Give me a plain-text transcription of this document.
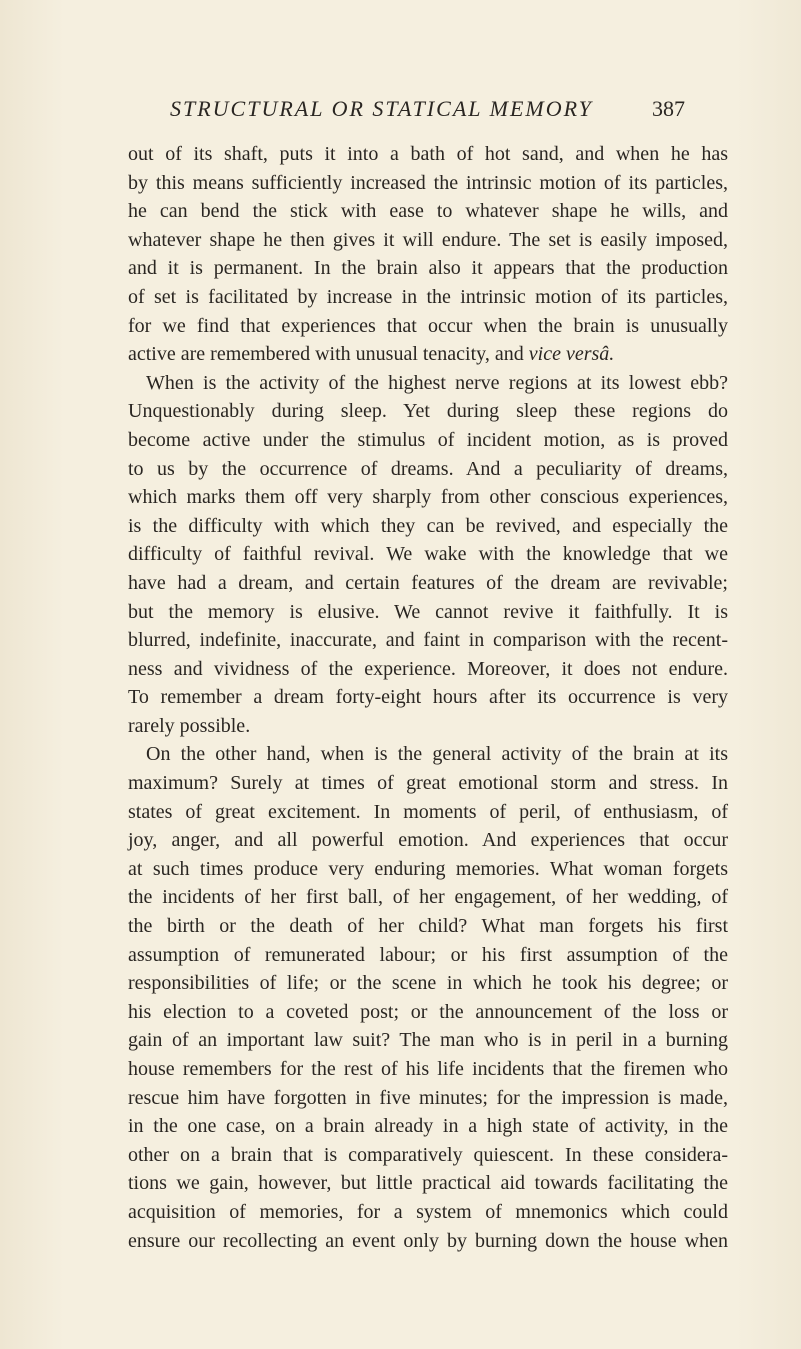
STRUCTURAL OR STATICAL MEMORY	387
out of its shaft, puts it into a bath of hot sand, and when he has
by this means sufficiently increased the intrinsic motion of its particles,
he can bend the stick with ease to whatever shape he wills, and
whatever shape he then gives it will endure. The set is easily imposed,
and it is permanent. In the brain also it appears that the production
of set is facilitated by increase in the intrinsic motion of its particles,
for we find that experiences that occur when the brain is unusually
active are remembered with unusual tenacity, and vice versâ.
When is the activity of the highest nerve regions at its lowest ebb?
Unquestionably during sleep. Yet during sleep these regions do
become active under the stimulus of incident motion, as is proved
to us by the occurrence of dreams. And a peculiarity of dreams,
which marks them off very sharply from other conscious experiences,
is the difficulty with which they can be revived, and especially the
difficulty of faithful revival. We wake with the knowledge that we
have had a dream, and certain features of the dream are revivable;
but the memory is elusive. We cannot revive it faithfully. It is
blurred, indefinite, inaccurate, and faint in comparison with the recent-
ness and vividness of the experience. Moreover, it does not endure.
To remember a dream forty-eight hours after its occurrence is very
rarely possible.
On the other hand, when is the general activity of the brain at its
maximum? Surely at times of great emotional storm and stress. In
states of great excitement. In moments of peril, of enthusiasm, of
joy, anger, and all powerful emotion. And experiences that occur
at such times produce very enduring memories. What woman forgets
the incidents of her first ball, of her engagement, of her wedding, of
the birth or the death of her child? What man forgets his first
assumption of remunerated labour; or his first assumption of the
responsibilities of life; or the scene in which he took his degree; or
his election to a coveted post; or the announcement of the loss or
gain of an important law suit? The man who is in peril in a burning
house remembers for the rest of his life incidents that the firemen who
rescue him have forgotten in five minutes; for the impression is made,
in the one case, on a brain already in a high state of activity, in the
other on a brain that is comparatively quiescent. In these considera-
tions we gain, however, but little practical aid towards facilitating the
acquisition of memories, for a system of mnemonics which could
ensure our recollecting an event only by burning down the house when
